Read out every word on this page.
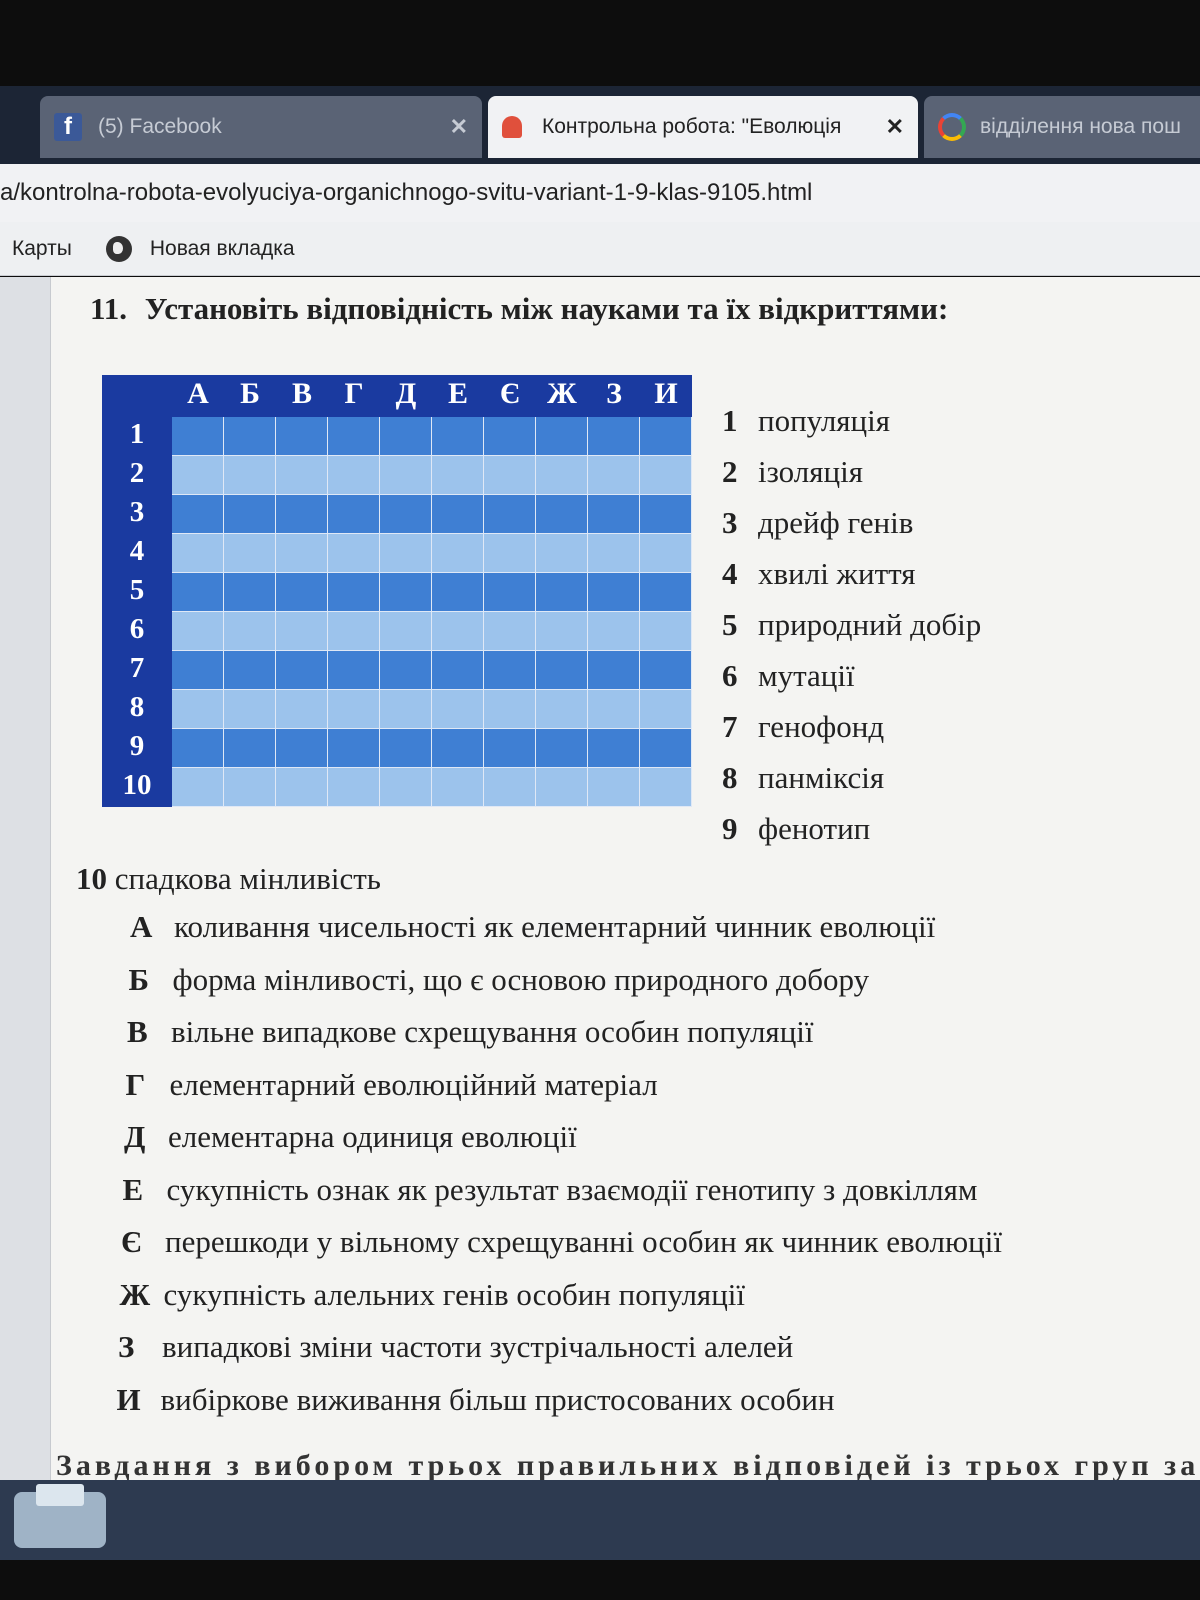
f	(5) Facebook	✕	Контрольна робота: "Еволюція ✕	відділення нова пош
a/kontrolna-robota-evolyuciya-organichnogo-svitu-variant-1-9-klas-9105.html
Карты	Новая вкладка
11. Установіть відповідність між науками та їх відкриттями:
А	Б	В	Г	Д	Е	Є Ж З	И
1
2
3
4
5
6
7
8
9
10
1 популяція
2 ізоляція
3 дрейф генів
4 хвилі життя
5 природний добір
6 мутації
7 генофонд
8 панміксія
9 фенотип
10 спадкова мінливість
А коливання чисельності як елементарний чинник еволюції
Б форма мінливості, що є основою природного добору
В вільне випадкове схрещування особин популяції
Г елементарний еволюційний матеріал
Д елементарна одиниця еволюції
Е сукупність ознак як результат взаємодії генотипу з довкіллям
Є перешкоди у вільному схрещуванні особин як чинник еволюції
Ж сукупність алельних генів особин популяції
З випадкові зміни частоти зустрічальності алелей
И вибіркове виживання більш пристосованих особин
Завдання з вибором трьох правильних відповідей із трьох груп за
